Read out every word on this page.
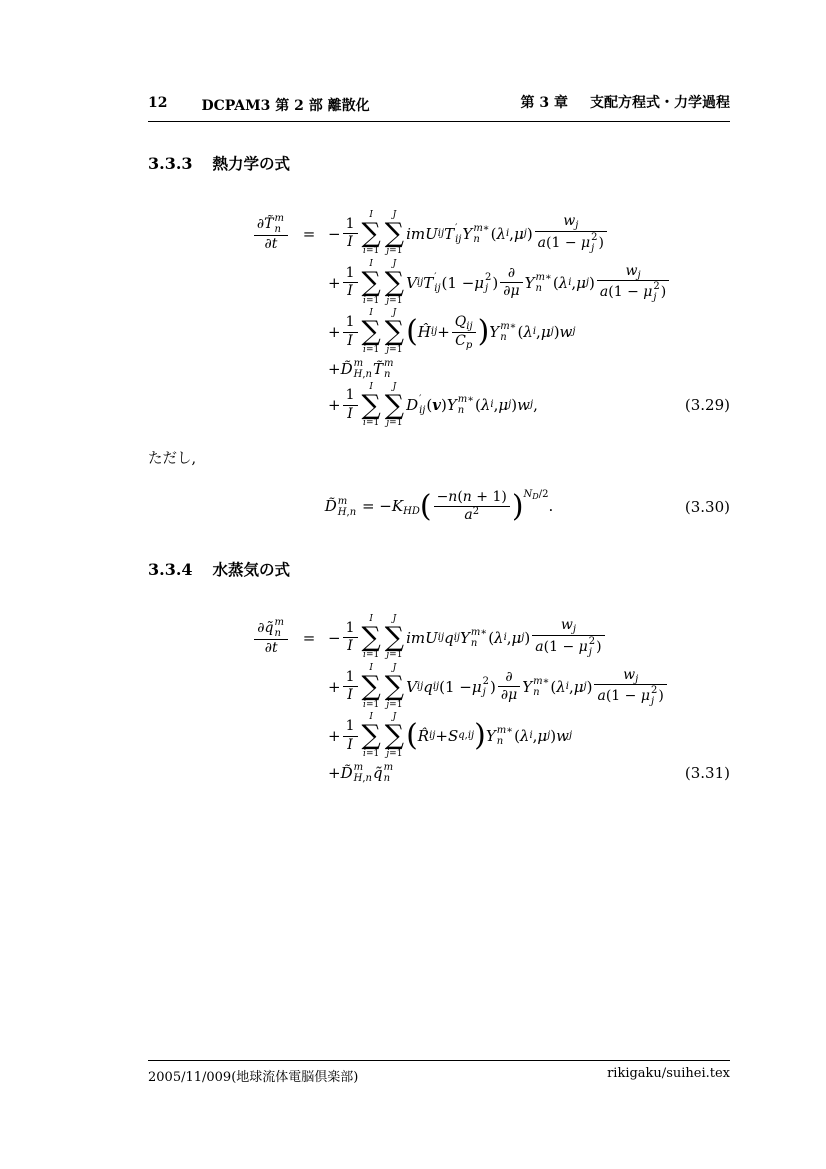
12 DCPAM3 第 2 部 離散化	第 3 章 支配方程式・力学過程
3.3.3 熱力学の式
∂T̃ m
n
∂t
= −
1
I
I
∑
i=1
J
∑
j=1
i m U ij T ′
ij Y m∗
n ( λ i , μ j )
$w_j$
a(1 − μ 2
j )
+
1
I
I
∑
i=1
J
∑
j=1
V ij T ′
ij (1 − μ 2
j )
∂
∂μ Y m∗
n ( λ i , μ j )
$w_j$
a(1 − μ 2
j )
+
1
I
I
∑
i=1
J
∑
j=1
( Ĥ ij +
$Q_{ij}$
$C_p$ ) Y m∗
n ( λ i , μ j ) w j
+ D̃ m
H,n T̃ m
n
+
1
I
I
∑
i=1
J
∑
j=1
D ′
ij ( v ) Y m∗
n ( λ i , μ j ) w j ,	(3.29)

ただし,

D̃ m
$H,n = -K_{HD}( \frac{-n(n + 1)}{a^2} )^{N_D/2}$.	(3.30)
3.3.4 水蒸気の式
∂q̃ m
n
∂t
= −
1
I
I
∑
i=1
J
∑
j=1
i m U ij q ij Y m∗
n ( λ i , μ j )
$w_j$
a(1 − μ 2
j )
+
1
I
I
∑
i=1
J
∑
j=1
V ij q ij (1 − μ 2
j )
∂
∂μ Y m∗
n ( λ i , μ j )
$w_j$
a(1 − μ 2
j )
+
1
I
I
∑
i=1
J
∑
j=1
( R̂ ij + S q,ij ) Y m∗
n ( λ i , μ j ) w j
+ D̃ m
H,n q̃ m
n	(3.31)
2005/11/009(地球流体電脳倶楽部)	rikigaku/suihei.tex
